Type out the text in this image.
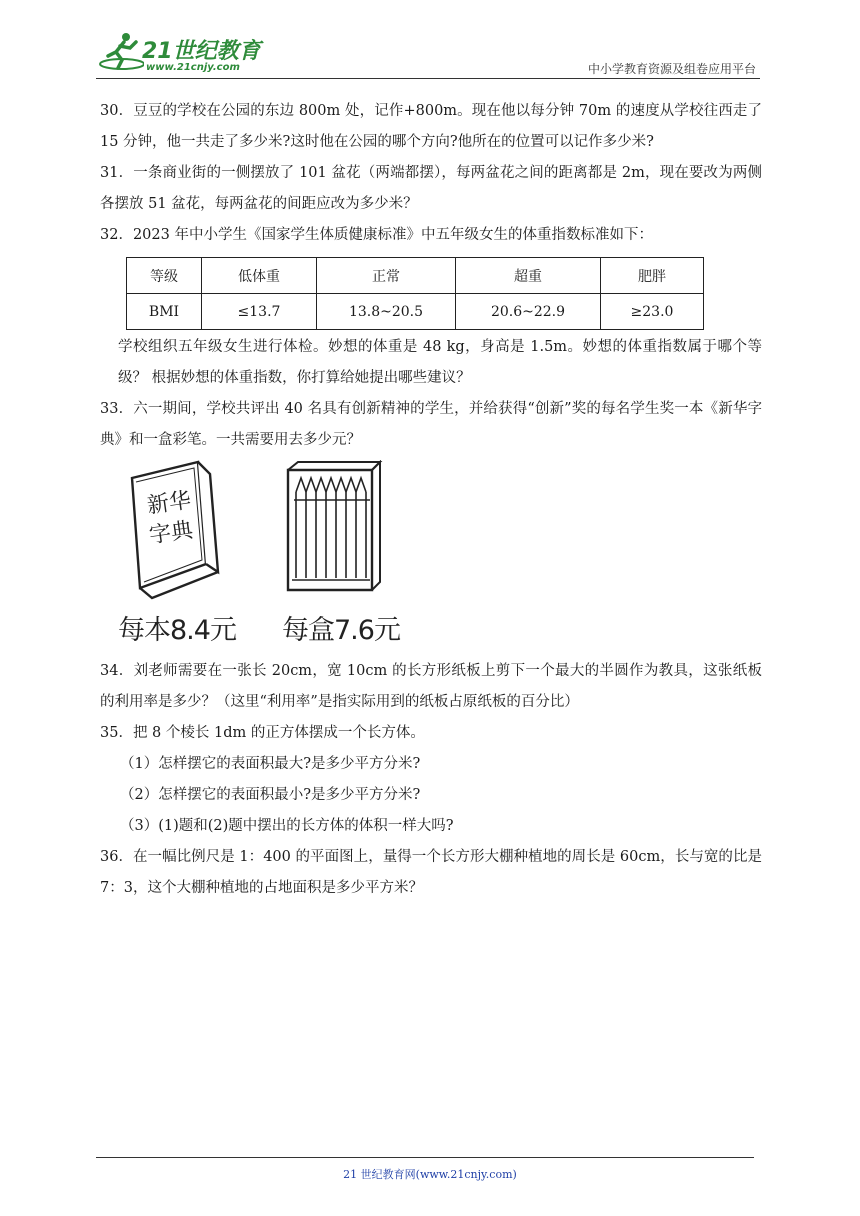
21世纪教育
www.21cnjy.com	中小学教育资源及组卷应用平台

30．豆豆的学校在公园的东边 800m 处，记作+800m。现在他以每分钟 70m 的速度从学校往西走了 15 分钟，他一共走了多少米?这时他在公园的哪个方向?他所在的位置可以记作多少米?

31．一条商业街的一侧摆放了 101 盆花（两端都摆），每两盆花之间的距离都是 2m，现在要改为两侧各摆放 51 盆花，每两盆花的间距应改为多少米？

32．2023 年中小学生《国家学生体质健康标准》中五年级女生的体重指数标准如下：

等级	低体重	正常	超重	肥胖
BMI	≤13.7	13.8~20.5	20.6~22.9	≥23.0

学校组织五年级女生进行体检。妙想的体重是 48 kg，身高是 1.5m。妙想的体重指数属于哪个等级？ 根据妙想的体重指数，你打算给她提出哪些建议？

33．六一期间，学校共评出 40 名具有创新精神的学生，并给获得“创新”奖的每名学生奖一本《新华字典》和一盒彩笔。一共需要用去多少元？

新华
字典
每本8.4元 每盒7.6元

34．刘老师需要在一张长 20cm，宽 10cm 的长方形纸板上剪下一个最大的半圆作为教具，这张纸板的利用率是多少？（这里“利用率”是指实际用到的纸板占原纸板的百分比）

35．把 8 个棱长 1dm 的正方体摆成一个长方体。

（1）怎样摆它的表面积最大?是多少平方分米?

（2）怎样摆它的表面积最小?是多少平方分米?

（3）(1)题和(2)题中摆出的长方体的体积一样大吗?

36．在一幅比例尺是 1：400 的平面图上，量得一个长方形大棚种植地的周长是 60cm，长与宽的比是 7：3，这个大棚种植地的占地面积是多少平方米？

21 世纪教育网(www.21cnjy.com)
